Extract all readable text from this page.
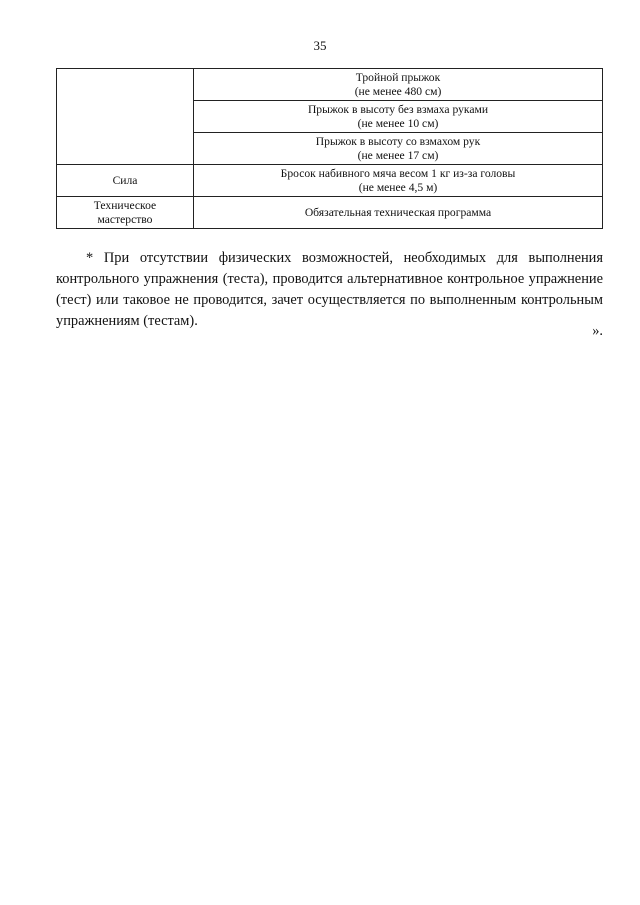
35

	Тройной прыжок
(не менее 480 см)

	Прыжок в высоту без взмаха руками
(не менее 10 см)

	Прыжок в высоту со взмахом рук
(не менее 17 см)

Сила	Бросок набивного мяча весом 1 кг из-за головы
(не менее 4,5 м)

Техническое
мастерство	Обязательная техническая программа

* При отсутствии физических возможностей, необходимых для выполнения контрольного упражнения (теста), проводится альтернативное контрольное упражнение (тест) или таковое не проводится, зачет осуществляется по выполненным контрольным упражнениям (тестам).

».
